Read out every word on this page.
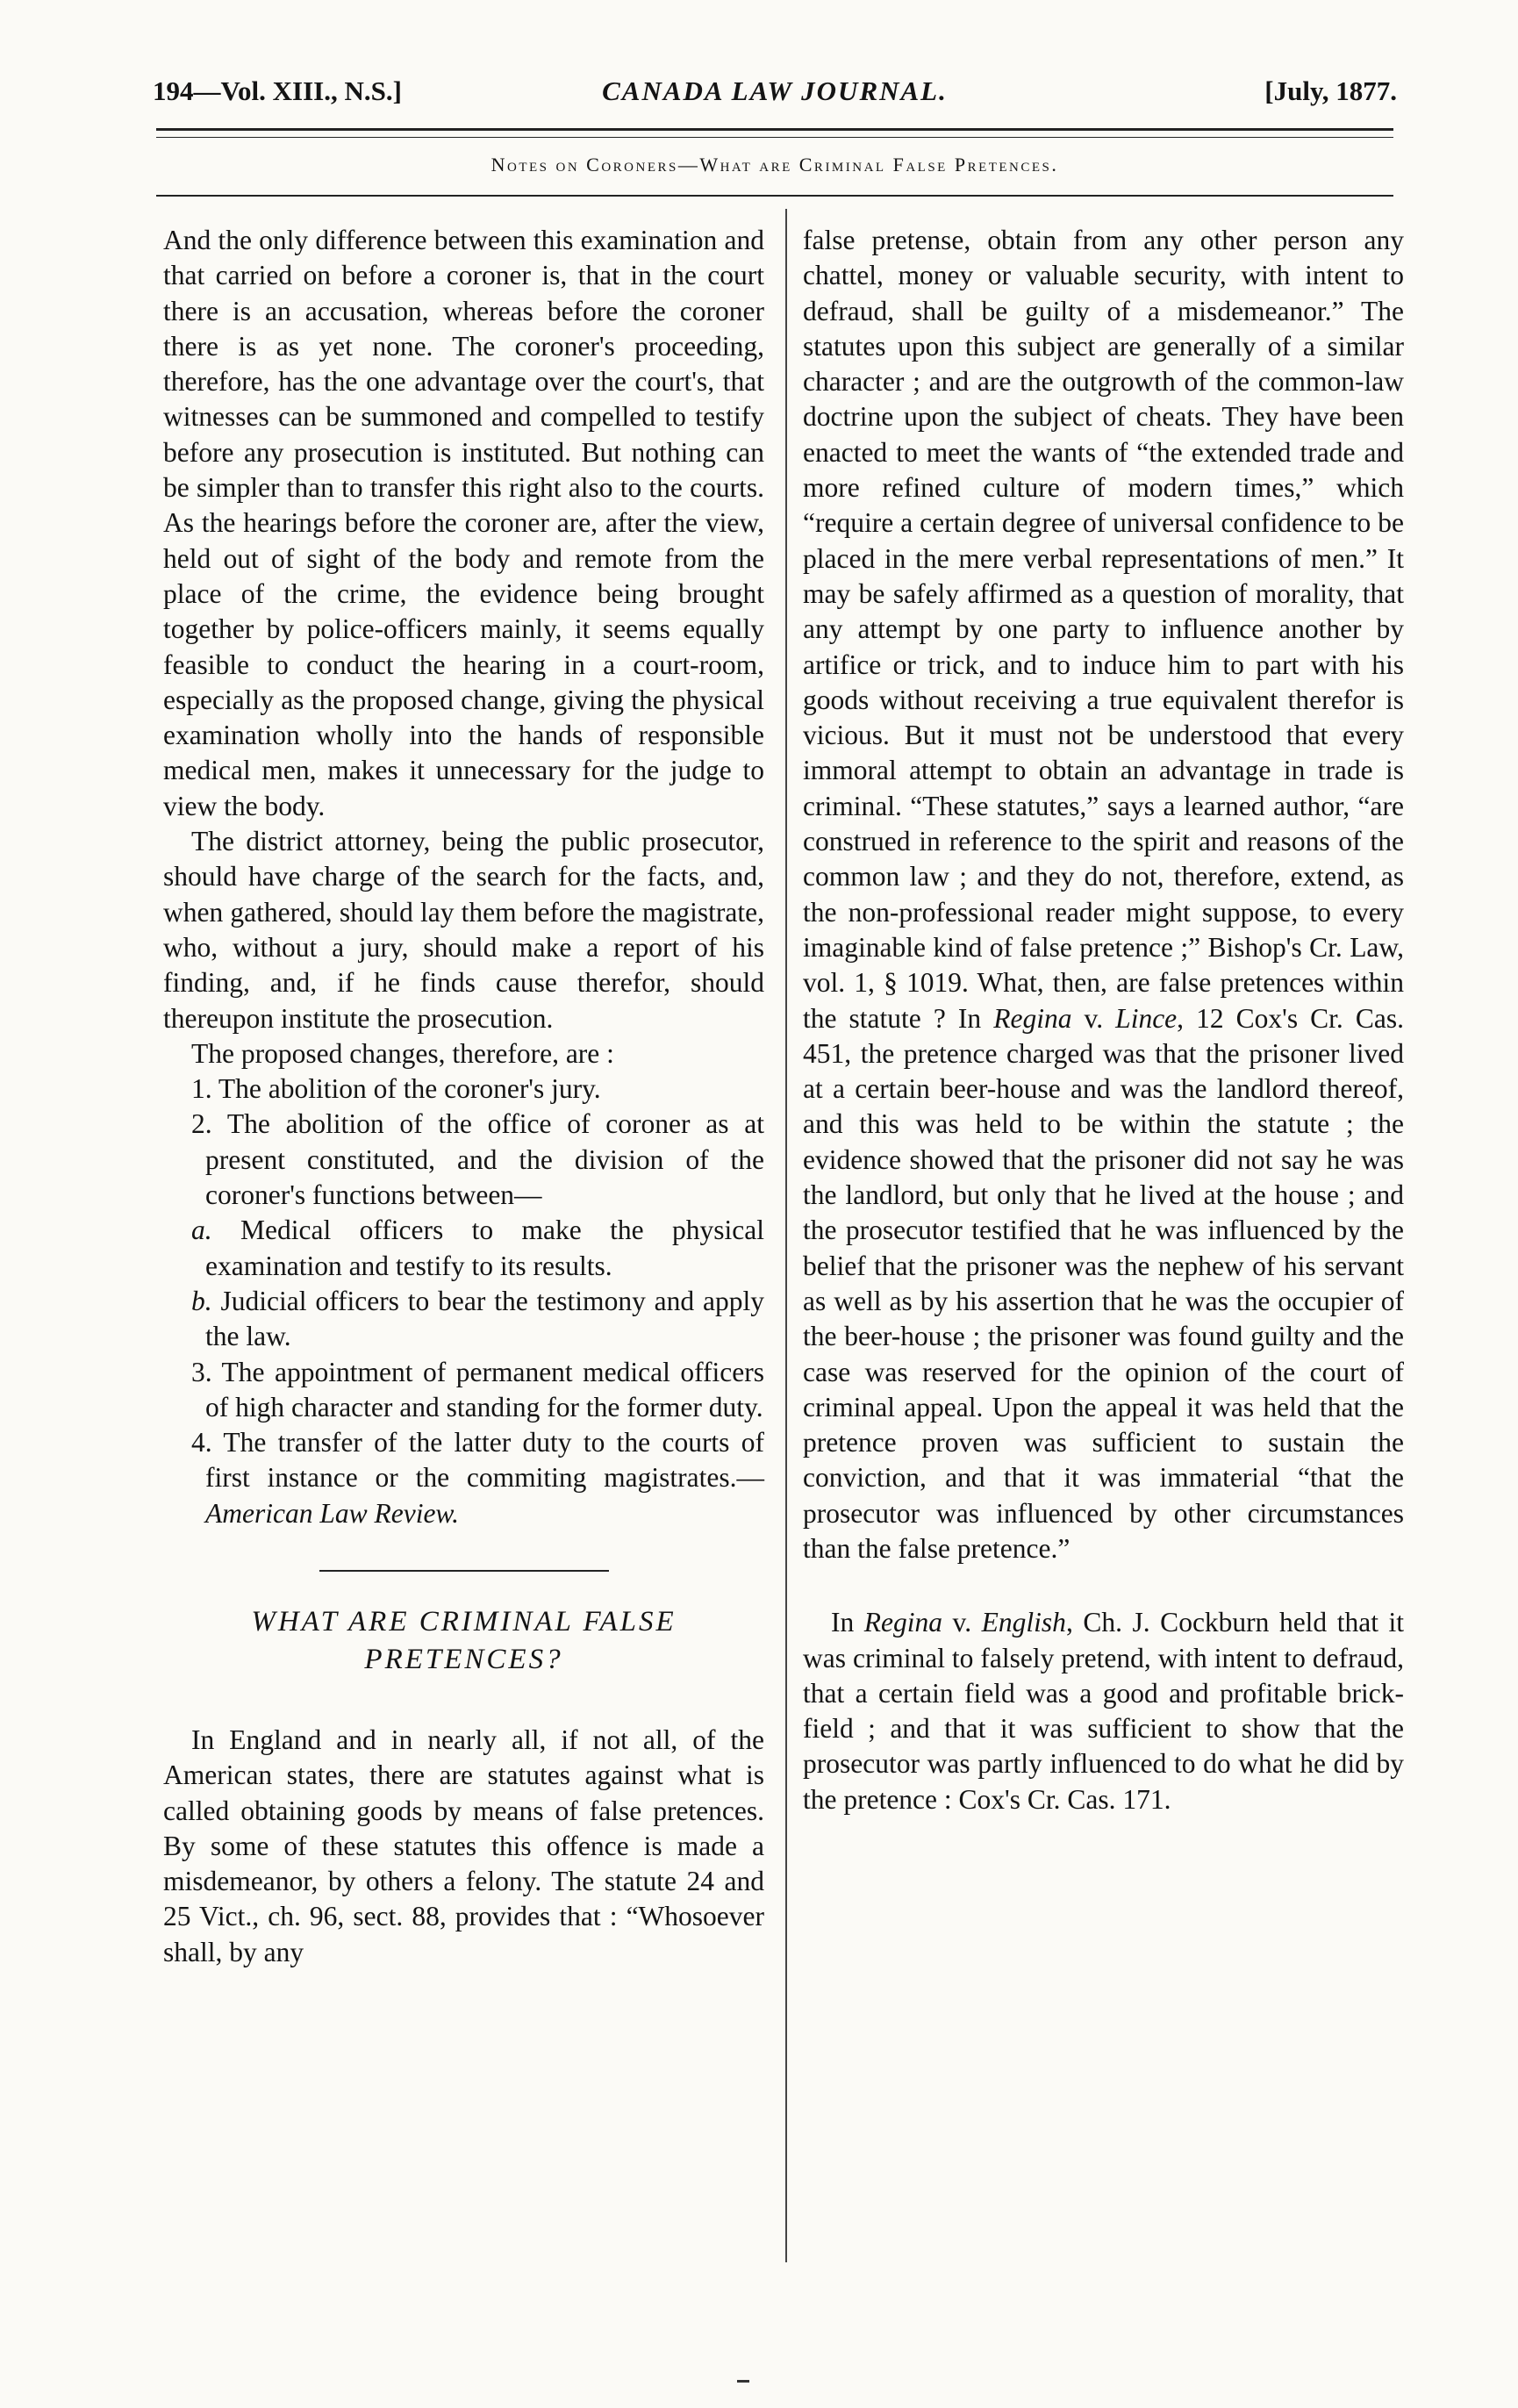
194—Vol. XIII., N.S.]	CANADA LAW JOURNAL.	[July, 1877.
Notes on Coroners—What are Criminal False Pretences.

And the only difference between this examination and that carried on before a coroner is, that in the court there is an accusation, whereas before the coroner there is as yet none. The coroner's proceeding, therefore, has the one advantage over the court's, that witnesses can be summoned and compelled to testify before any prosecution is instituted. But nothing can be simpler than to transfer this right also to the courts. As the hearings before the coroner are, after the view, held out of sight of the body and remote from the place of the crime, the evidence being brought together by police-officers mainly, it seems equally feasible to conduct the hearing in a court-room, especially as the proposed change, giving the physical examination wholly into the hands of responsible medical men, makes it unnecessary for the judge to view the body.

The district attorney, being the public prosecutor, should have charge of the search for the facts, and, when gathered, should lay them before the magistrate, who, without a jury, should make a report of his finding, and, if he finds cause therefor, should thereupon institute the prosecution.

The proposed changes, therefore, are :

1. The abolition of the coroner's jury.

2. The abolition of the office of coroner as at present constituted, and the division of the coroner's functions between—

a. Medical officers to make the physical examination and testify to its results.

b. Judicial officers to bear the testimony and apply the law.

3. The appointment of permanent medical officers of high character and standing for the former duty.

4. The transfer of the latter duty to the courts of first instance or the commiting magistrates.—American Law Review.

WHAT ARE CRIMINAL FALSE
PRETENCES?

In England and in nearly all, if not all, of the American states, there are statutes against what is called obtaining goods by means of false pretences. By some of these statutes this offence is made a misdemeanor, by others a felony. The statute 24 and 25 Vict., ch. 96, sect. 88, provides that : “Whosoever shall, by any

false pretense, obtain from any other person any chattel, money or valuable security, with intent to defraud, shall be guilty of a misdemeanor.” The statutes upon this subject are generally of a similar character ; and are the outgrowth of the common-law doctrine upon the subject of cheats. They have been enacted to meet the wants of “the extended trade and more refined culture of modern times,” which “require a certain degree of universal confidence to be placed in the mere verbal representations of men.” It may be safely affirmed as a question of morality, that any attempt by one party to influence another by artifice or trick, and to induce him to part with his goods without receiving a true equivalent therefor is vicious. But it must not be understood that every immoral attempt to obtain an advantage in trade is criminal. “These statutes,” says a learned author, “are construed in reference to the spirit and reasons of the common law ; and they do not, therefore, extend, as the non-professional reader might suppose, to every imaginable kind of false pretence ;” Bishop's Cr. Law, vol. 1, § 1019. What, then, are false pretences within the statute ? In Regina v. Lince, 12 Cox's Cr. Cas. 451, the pretence charged was that the prisoner lived at a certain beer-house and was the landlord thereof, and this was held to be within the statute ; the evidence showed that the prisoner did not say he was the landlord, but only that he lived at the house ; and the prosecutor testified that he was influenced by the belief that the prisoner was the nephew of his servant as well as by his assertion that he was the occupier of the beer-house ; the prisoner was found guilty and the case was reserved for the opinion of the court of criminal appeal. Upon the appeal it was held that the pretence proven was sufficient to sustain the conviction, and that it was immaterial “that the prosecutor was influenced by other circumstances than the false pretence.”

In Regina v. English, Ch. J. Cockburn held that it was criminal to falsely pretend, with intent to defraud, that a certain field was a good and profitable brick-field ; and that it was sufficient to show that the prosecutor was partly influenced to do what he did by the pretence : Cox's Cr. Cas. 171.
